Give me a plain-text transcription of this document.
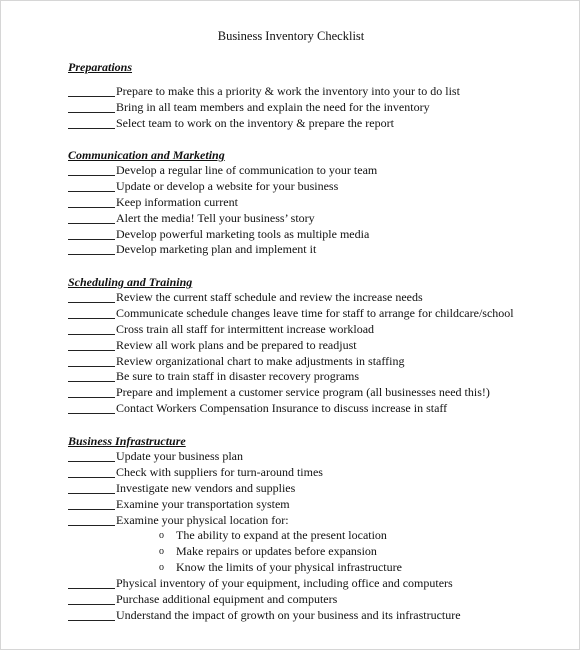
Business Inventory Checklist
Preparations
Prepare to make this a priority & work the inventory into your to do list
Bring in all team members and explain the need for the inventory
Select team to work on the inventory & prepare the report
Communication and Marketing
Develop a regular line of communication to your team
Update or develop a website for your business
Keep information current
Alert the media! Tell your business’ story
Develop powerful marketing tools as multiple media
Develop marketing plan and implement it
Scheduling and Training
Review the current staff schedule and review the increase needs
Communicate schedule changes leave time for staff to arrange for childcare/school
Cross train all staff for intermittent increase workload
Review all work plans and be prepared to readjust
Review organizational chart to make adjustments in staffing
Be sure to train staff in disaster recovery programs
Prepare and implement a customer service program (all businesses need this!)
Contact Workers Compensation Insurance to discuss increase in staff
Business Infrastructure
Update your business plan
Check with suppliers for turn-around times
Investigate new vendors and supplies
Examine your transportation system
Examine your physical location for:
o	The ability to expand at the present location
o	Make repairs or updates before expansion
o	Know the limits of your physical infrastructure
Physical inventory of your equipment, including office and computers
Purchase additional equipment and computers
Understand the impact of growth on your business and its infrastructure
